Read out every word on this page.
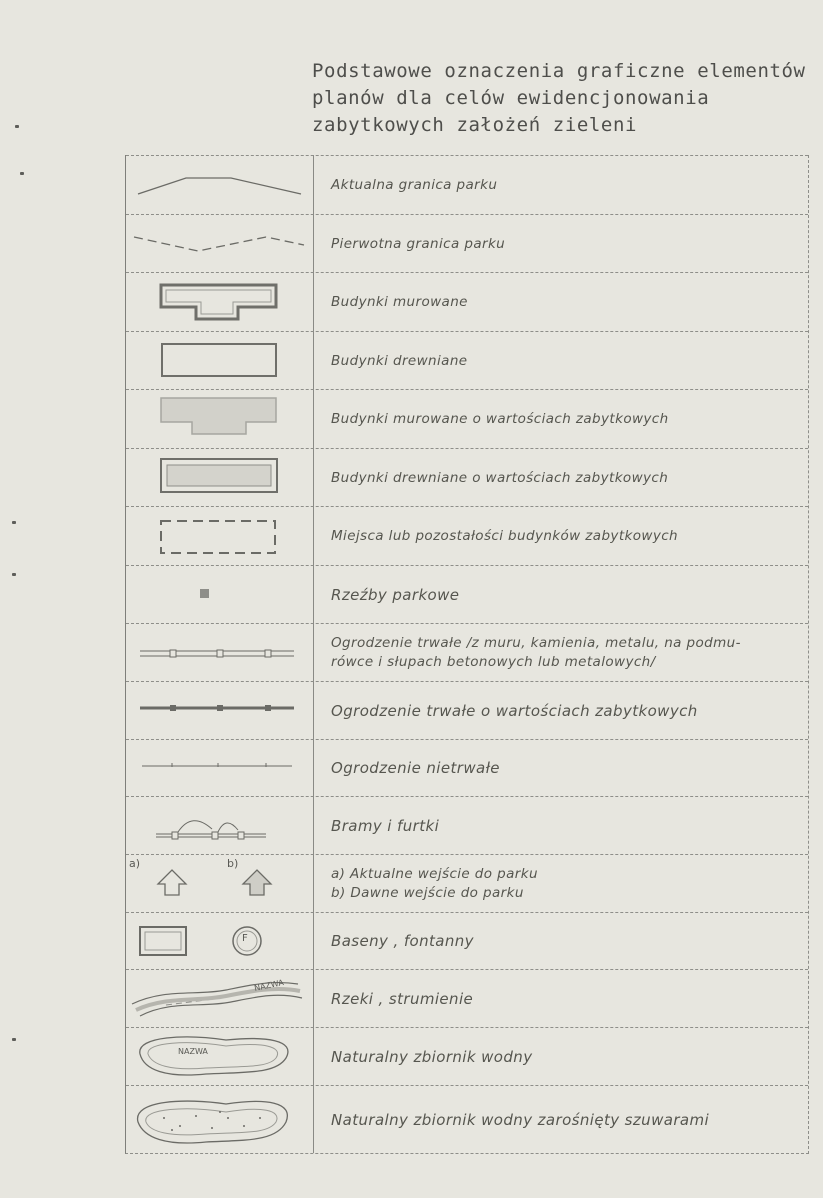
Podstawowe oznaczenia graficzne elementów
planów dla celów ewidencjonowania
zabytkowych założeń zieleni
Aktualna granica parku
Pierwotna granica parku
Budynki murowane
Budynki drewniane
Budynki murowane o wartościach zabytkowych
Budynki drewniane o wartościach zabytkowych
Miejsca lub pozostałości budynków zabytkowych
Rzeźby parkowe
Ogrodzenie trwałe /z muru, kamienia, metalu, na podmu-
rówce i słupach betonowych lub metalowych/
Ogrodzenie trwałe o wartościach zabytkowych
Ogrodzenie nietrwałe
Bramy i furtki
a)	b)
a) Aktualne wejście do parku
b) Dawne wejście do parku
F	Baseny , fontanny
NAZWA
Rzeki , strumienie
NAZWA	Naturalny zbiornik wodny
Naturalny zbiornik wodny zarośnięty szuwarami
